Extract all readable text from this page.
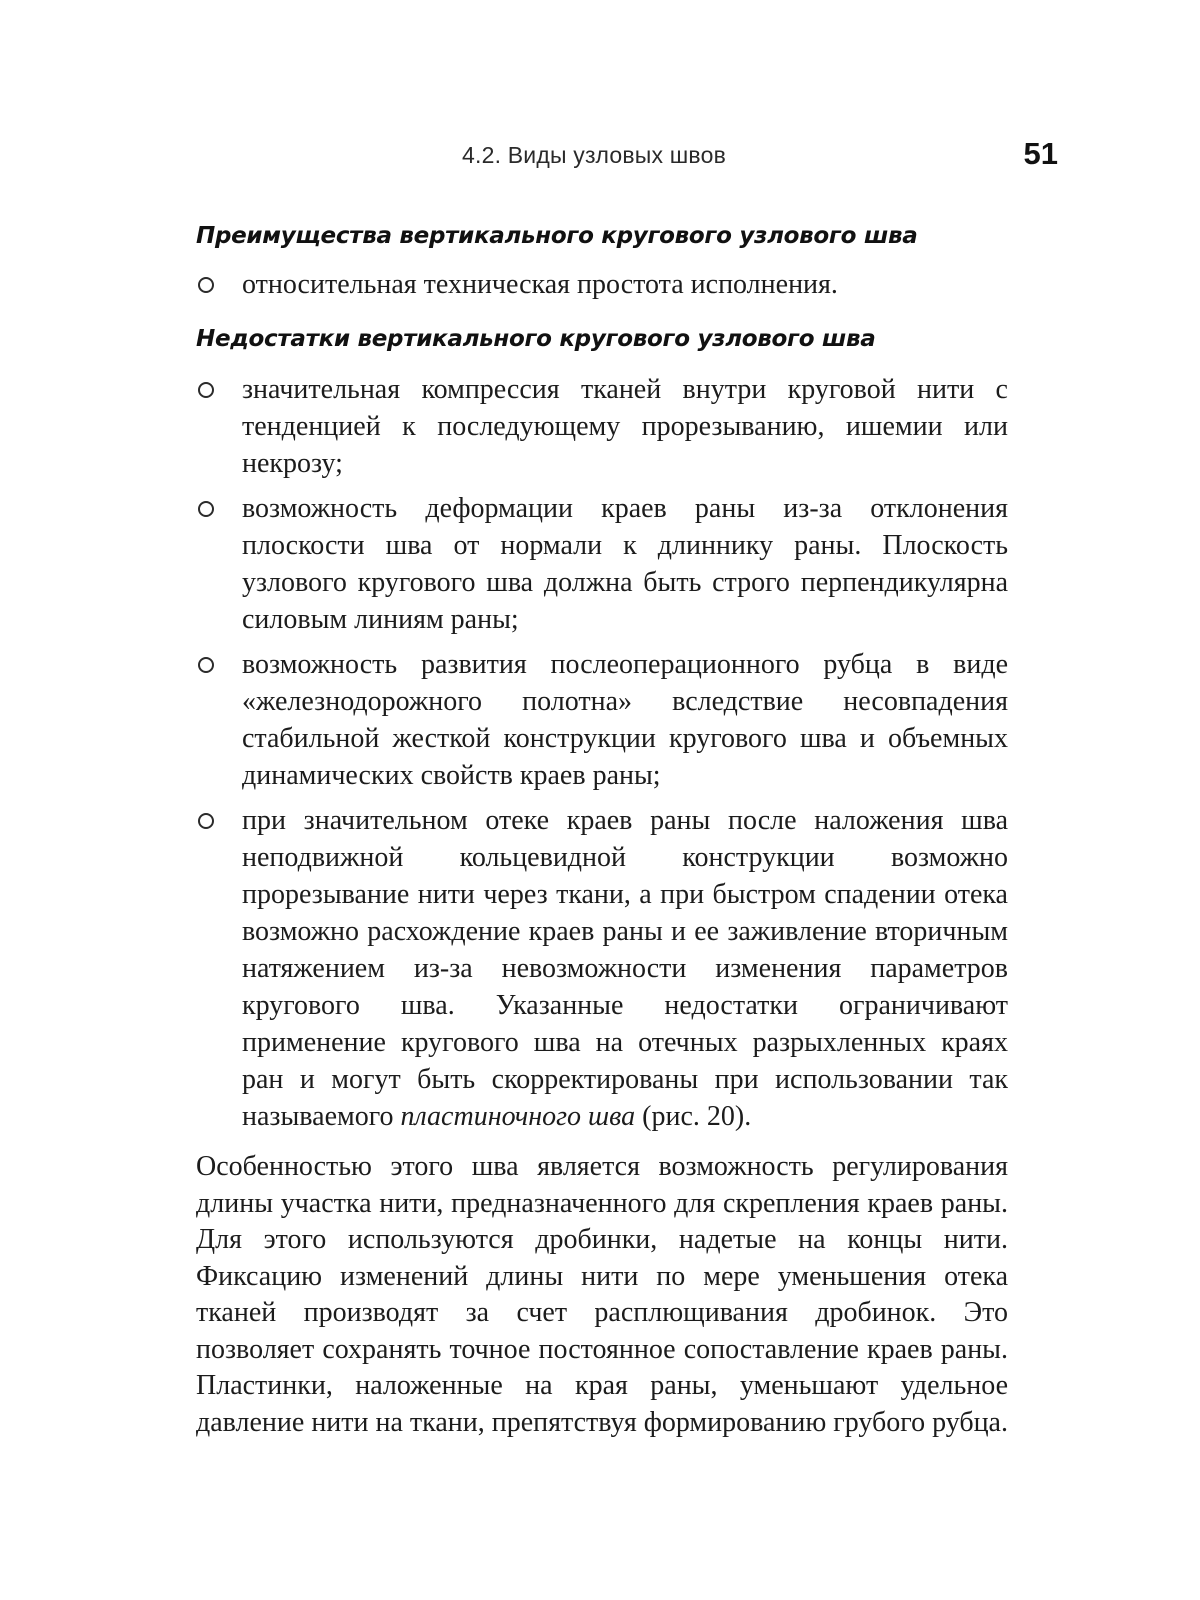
4.2. Виды узловых швов	51
Преимущества вертикального кругового узлового шва
относительная техническая простота исполнения.
Недостатки вертикального кругового узлового шва
значительная компрессия тканей внутри круговой нити с тенденцией к последующему прорезыванию, ишемии или некрозу;
возможность деформации краев раны из-за отклонения плоскости шва от нормали к длиннику раны. Плоскость узлового кругового шва должна быть строго перпендикулярна силовым линиям раны;
возможность развития послеоперационного рубца в виде «железнодорожного полотна» вследствие несовпадения стабильной жесткой конструкции кругового шва и объемных динамических свойств краев раны;
при значительном отеке краев раны после наложения шва неподвижной кольцевидной конструкции возможно прорезывание нити через ткани, а при быстром спадении отека возможно расхождение краев раны и ее заживление вторичным натяжением из-за невозможности изменения параметров кругового шва. Указанные недостатки ограничивают применение кругового шва на отечных разрыхленных краях ран и могут быть скорректированы при использовании так называемого пластиночного шва (рис. 20).

Особенностью этого шва является возможность регулирования длины участка нити, предназначенного для скрепления краев раны. Для этого используются дробинки, надетые на концы нити. Фиксацию изменений длины нити по мере уменьшения отека тканей производят за счет расплющивания дробинок. Это позволяет сохранять точное постоянное сопоставление краев раны. Пластинки, наложенные на края раны, уменьшают удельное давление нити на ткани, препятствуя формированию грубого рубца.
